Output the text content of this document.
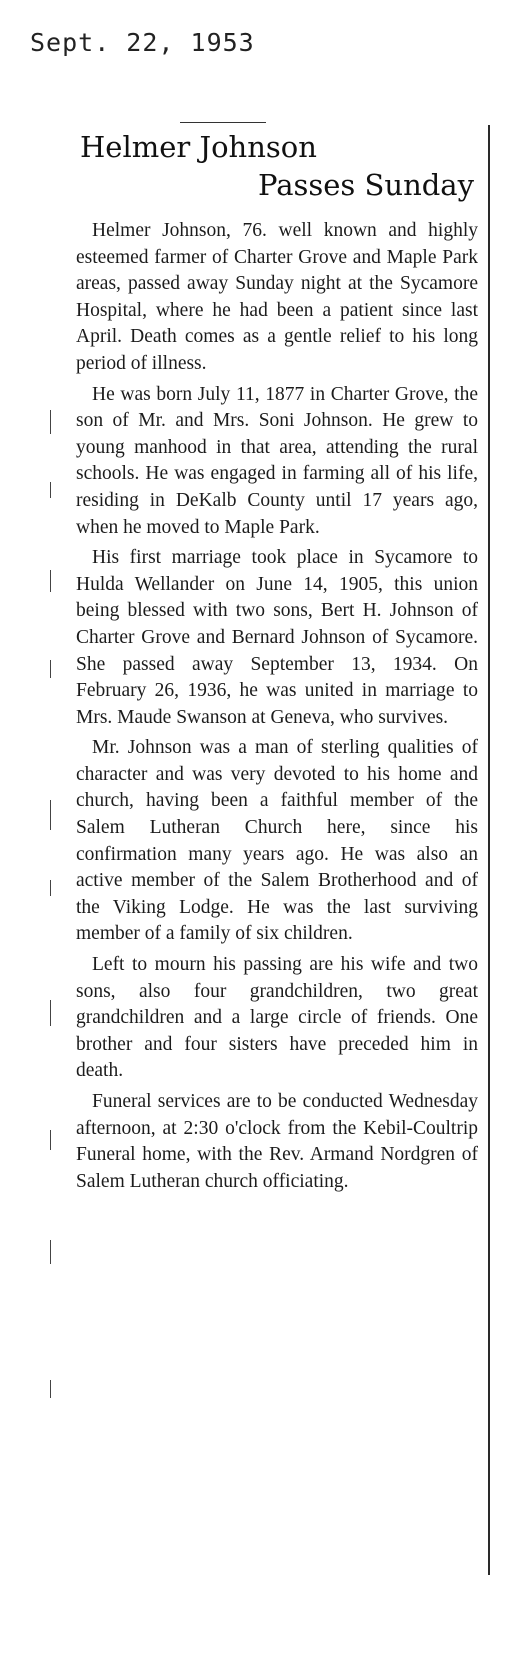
Sept. 22, 1953
Helmer Johnson
Passes Sunday

Helmer Johnson, 76. well known and highly esteemed farmer of Charter Grove and Maple Park areas, passed away Sunday night at the Sycamore Hospital, where he had been a patient since last April. Death comes as a gentle relief to his long period of illness.

He was born July 11, 1877 in Charter Grove, the son of Mr. and Mrs. Soni Johnson. He grew to young manhood in that area, attending the rural schools. He was engaged in farming all of his life, residing in DeKalb County until 17 years ago, when he moved to Maple Park.

His first marriage took place in Sycamore to Hulda Wellander on June 14, 1905, this union being blessed with two sons, Bert H. Johnson of Charter Grove and Bernard Johnson of Sycamore. She passed away September 13, 1934. On February 26, 1936, he was united in marriage to Mrs. Maude Swanson at Geneva, who survives.

Mr. Johnson was a man of sterling qualities of character and was very devoted to his home and church, having been a faithful member of the Salem Lutheran Church here, since his confirmation many years ago. He was also an active member of the Salem Brotherhood and of the Viking Lodge. He was the last surviving member of a family of six children.

Left to mourn his passing are his wife and two sons, also four grandchildren, two great grandchildren and a large circle of friends. One brother and four sisters have preceded him in death.

Funeral services are to be conducted Wednesday afternoon, at 2:30 o'clock from the Kebil-Coultrip Funeral home, with the Rev. Armand Nordgren of Salem Lutheran church officiating.
